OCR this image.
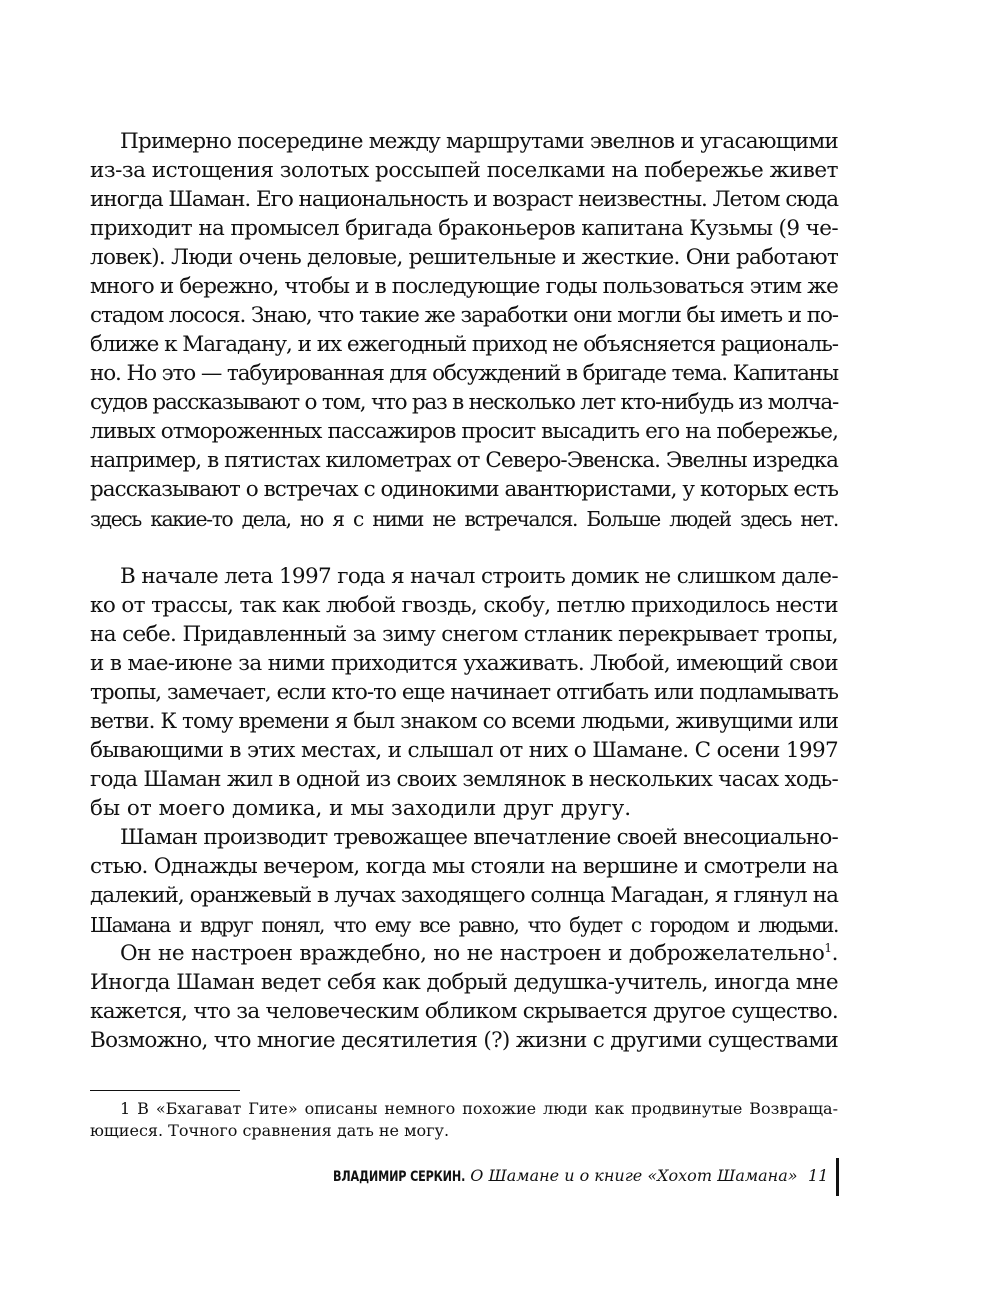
Примерно посередине между маршрутами эвелнов и угасающими
из-за истощения золотых россыпей поселками на побережье живет
иногда Шаман. Его национальность и возраст неизвестны. Летом сюда
приходит на промысел бригада браконьеров капитана Кузьмы (9 че-
ловек). Люди очень деловые, решительные и жесткие. Они работают
много и бережно, чтобы и в последующие годы пользоваться этим же
стадом лосося. Знаю, что такие же заработки они могли бы иметь и по-
ближе к Магадану, и их ежегодный приход не объясняется рациональ-
но. Но это — табуированная для обсуждений в бригаде тема. Капитаны
судов рассказывают о том, что раз в несколько лет кто-нибудь из молча-
ливых отмороженных пассажиров просит высадить его на побережье,
например, в пятистах километрах от Северо-Эвенска. Эвелны изредка
рассказывают о встречах с одинокими авантюристами, у которых есть
здесь какие-то дела, но я с ними не встречался. Больше людей здесь нет.
В начале лета 1997 года я начал строить домик не слишком дале-
ко от трассы, так как любой гвоздь, скобу, петлю приходилось нести
на себе. Придавленный за зиму снегом стланик перекрывает тропы,
и в мае-июне за ними приходится ухаживать. Любой, имеющий свои
тропы, замечает, если кто-то еще начинает отгибать или подламывать
ветви. К тому времени я был знаком со всеми людьми, живущими или
бывающими в этих местах, и слышал от них о Шамане. С осени 1997
года Шаман жил в одной из своих землянок в нескольких часах ходь-
бы от моего домика, и мы заходили друг другу.
Шаман производит тревожащее впечатление своей внесоциально-
стью. Однажды вечером, когда мы стояли на вершине и смотрели на
далекий, оранжевый в лучах заходящего солнца Магадан, я глянул на
Шамана и вдруг понял, что ему все равно, что будет с городом и людьми.
Он не настроен враждебно, но не настроен и доброжелательно$^1$.
Иногда Шаман ведет себя как добрый дедушка-учитель, иногда мне
кажется, что за человеческим обликом скрывается другое существо.
Возможно, что многие десятилетия (?) жизни с другими существами
1 В «Бхагават Гите» описаны немного похожие люди как продвинутые Возвраща-
ющиеся. Точного сравнения дать не могу.
ВЛАДИМИР СЕРКИН. О Шамане и о книге «Хохот Шамана» 11
